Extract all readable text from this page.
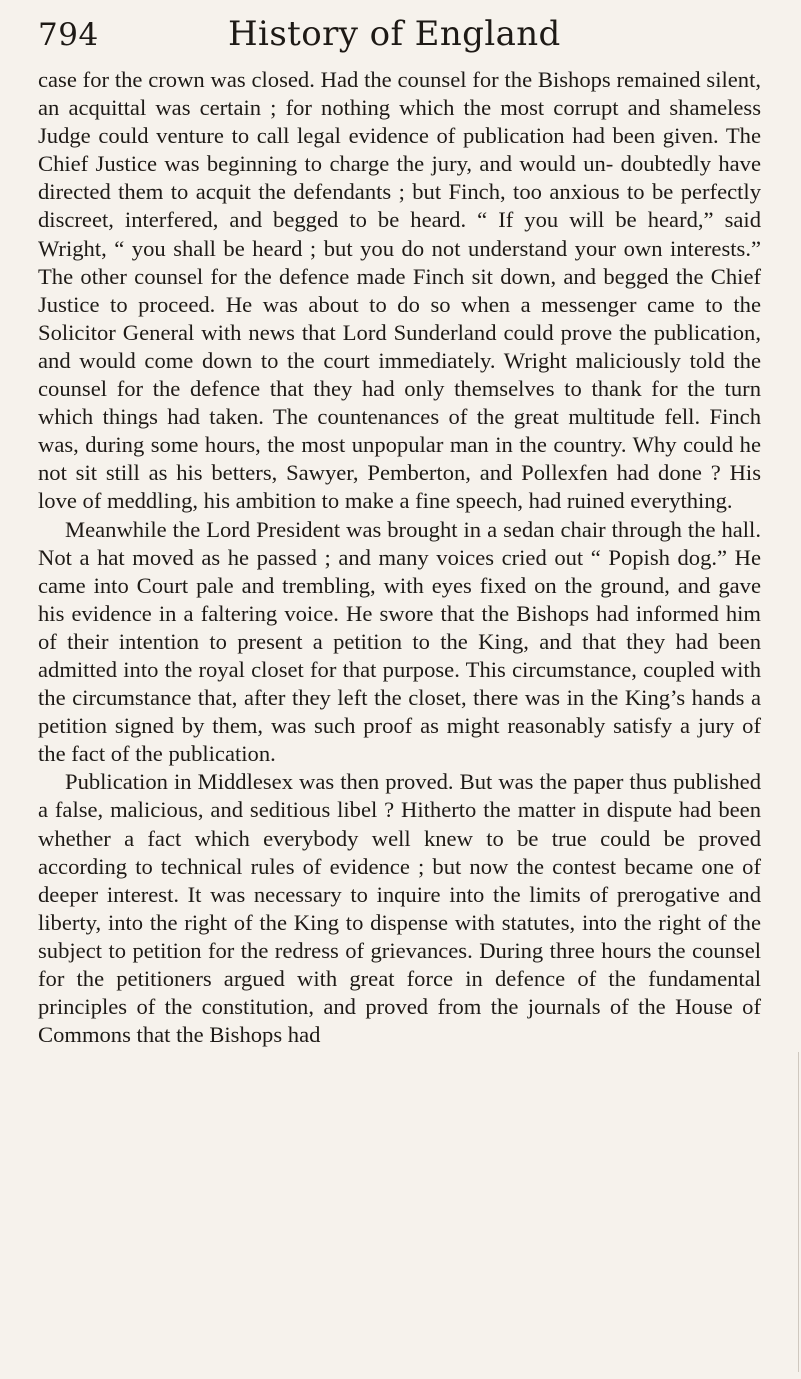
794	History of England

case for the crown was closed. Had the counsel for the Bishops remained silent, an acquittal was certain ; for nothing which the most corrupt and shameless Judge could venture to call legal evidence of publication had been given. The Chief Justice was beginning to charge the jury, and would un- doubtedly have directed them to acquit the defendants ; but Finch, too anxious to be perfectly discreet, interfered, and begged to be heard. “ If you will be heard,” said Wright, “ you shall be heard ; but you do not understand your own interests.” The other counsel for the defence made Finch sit down, and begged the Chief Justice to proceed. He was about to do so when a messenger came to the Solicitor General with news that Lord Sunderland could prove the publication, and would come down to the court immediately. Wright maliciously told the counsel for the defence that they had only themselves to thank for the turn which things had taken. The countenances of the great multitude fell. Finch was, during some hours, the most unpopular man in the country. Why could he not sit still as his betters, Sawyer, Pemberton, and Pollexfen had done ? His love of meddling, his ambition to make a fine speech, had ruined everything.

Meanwhile the Lord President was brought in a sedan chair through the hall. Not a hat moved as he passed ; and many voices cried out “ Popish dog.” He came into Court pale and trembling, with eyes fixed on the ground, and gave his evidence in a faltering voice. He swore that the Bishops had informed him of their intention to present a petition to the King, and that they had been admitted into the royal closet for that purpose. This circumstance, coupled with the circumstance that, after they left the closet, there was in the King’s hands a petition signed by them, was such proof as might reasonably satisfy a jury of the fact of the publication.

Publication in Middlesex was then proved. But was the paper thus published a false, malicious, and seditious libel ? Hitherto the matter in dispute had been whether a fact which everybody well knew to be true could be proved according to technical rules of evidence ; but now the contest became one of deeper interest. It was necessary to inquire into the limits of prerogative and liberty, into the right of the King to dispense with statutes, into the right of the subject to petition for the redress of grievances. During three hours the counsel for the petitioners argued with great force in defence of the fundamental principles of the constitution, and proved from the journals of the House of Commons that the Bishops had
